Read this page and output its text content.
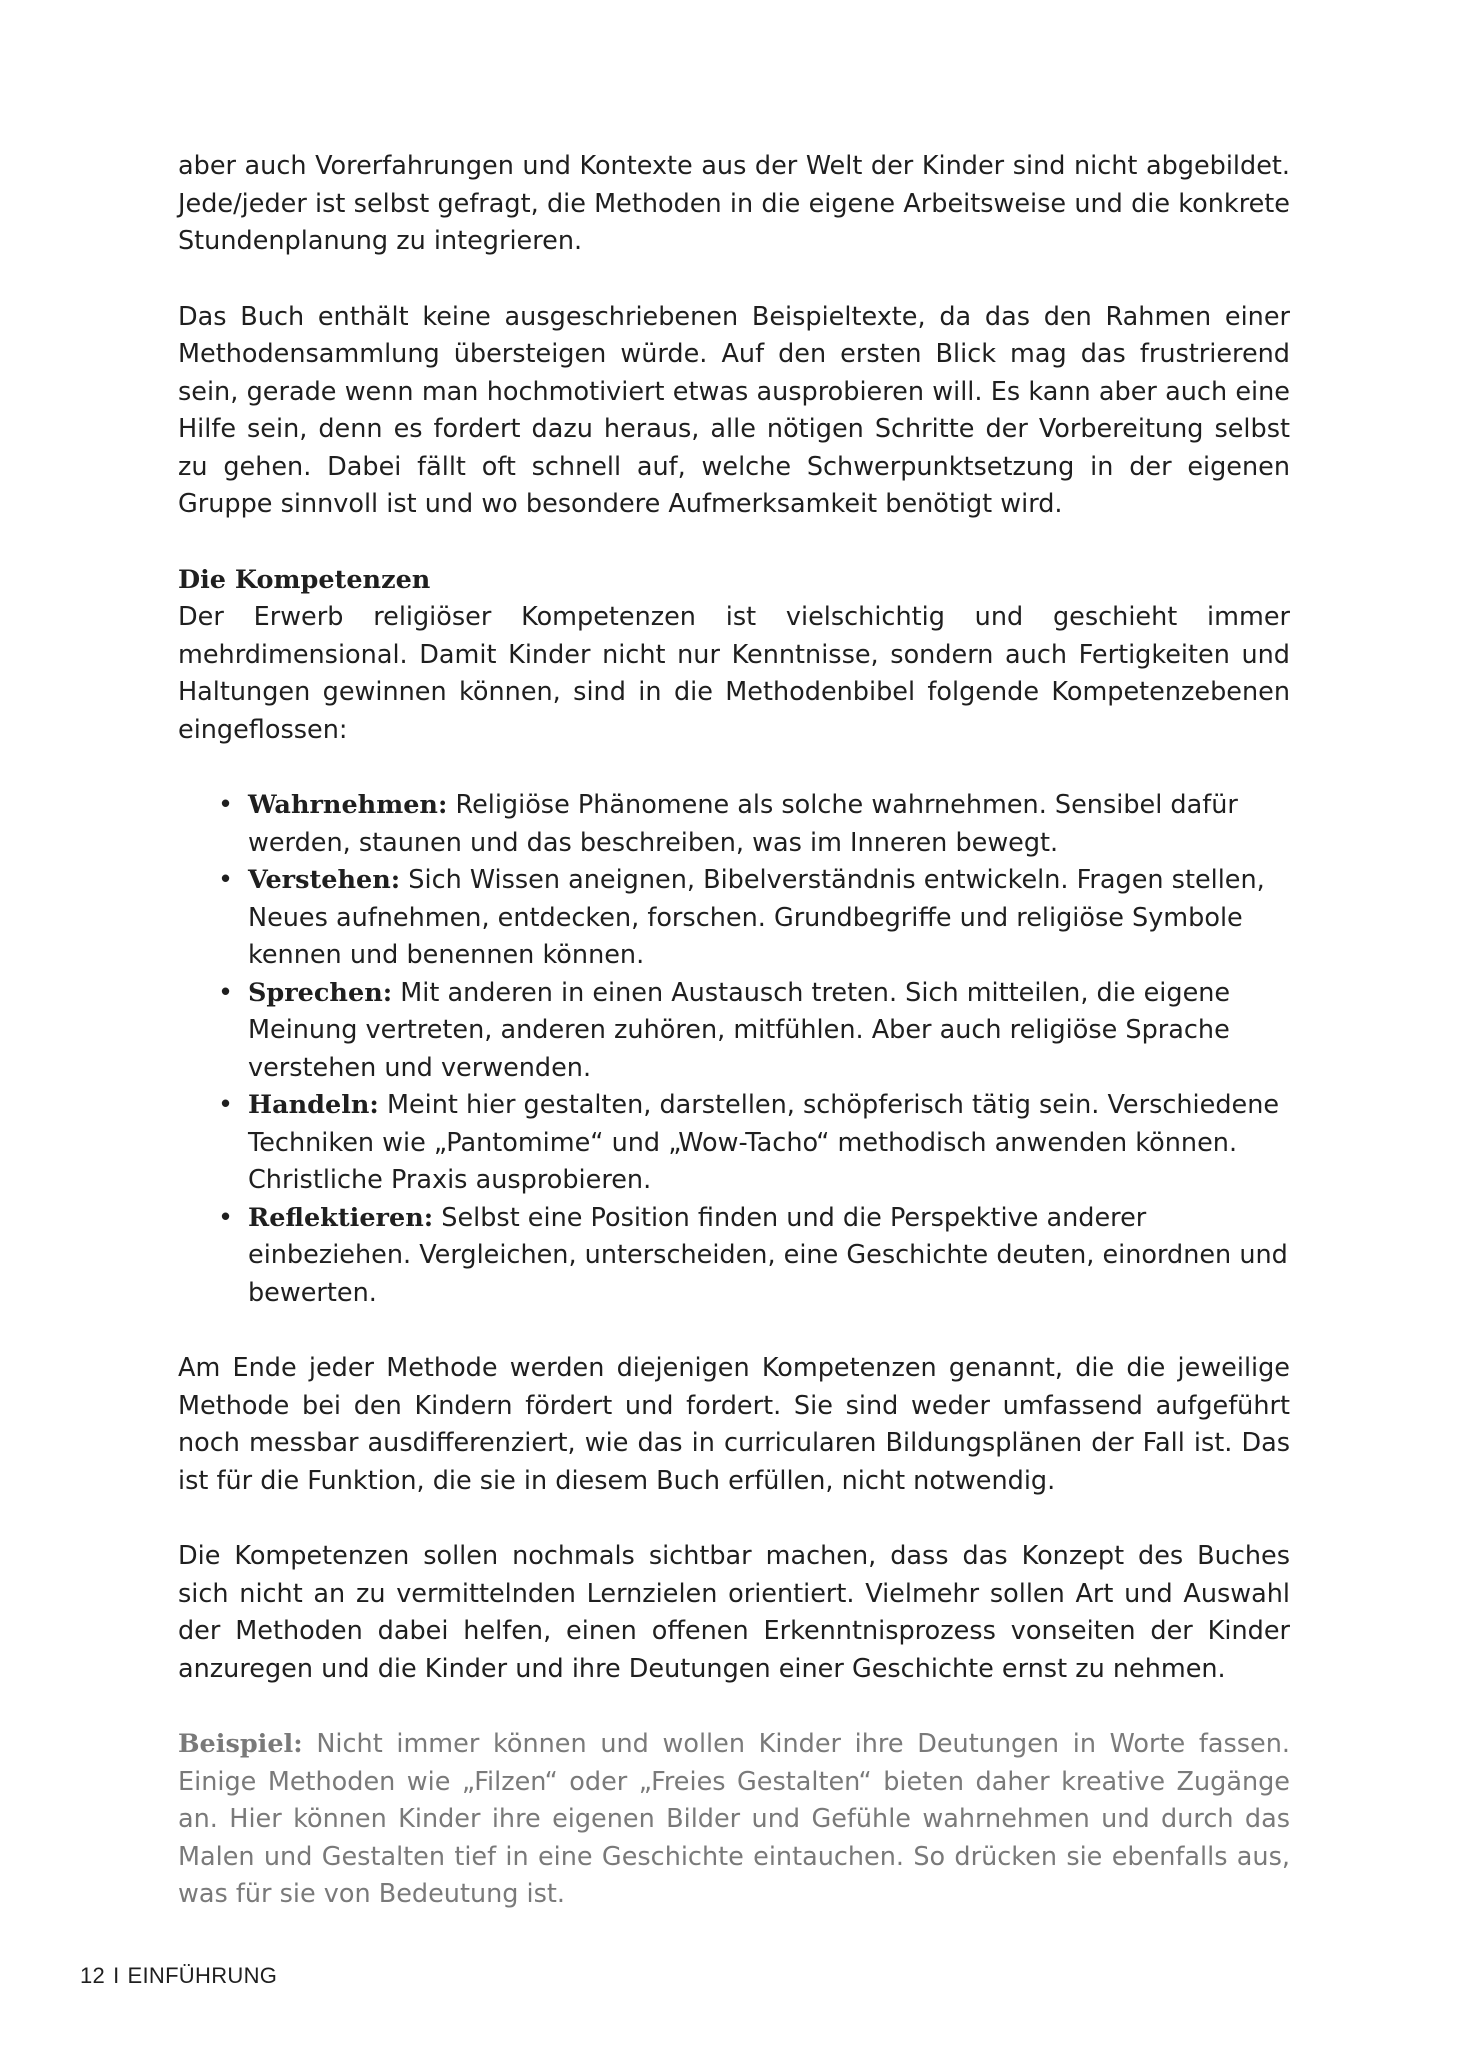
aber auch Vorerfahrungen und Kontexte aus der Welt der Kinder sind nicht abgebildet. Jede/jeder ist selbst gefragt, die Methoden in die eigene Arbeitsweise und die konkrete Stundenplanung zu integrieren.

Das Buch enthält keine ausgeschriebenen Beispieltexte, da das den Rahmen einer Methodensammlung übersteigen würde. Auf den ersten Blick mag das frustrierend sein, gerade wenn man hochmotiviert etwas ausprobieren will. Es kann aber auch eine Hilfe sein, denn es fordert dazu heraus, alle nötigen Schritte der Vorbereitung selbst zu gehen. Dabei fällt oft schnell auf, welche Schwerpunktsetzung in der eigenen Gruppe sinnvoll ist und wo besondere Aufmerksamkeit benötigt wird.

Die Kompetenzen

Der Erwerb religiöser Kompetenzen ist vielschichtig und geschieht immer mehrdimensional. Damit Kinder nicht nur Kenntnisse, sondern auch Fertigkeiten und Haltungen gewinnen können, sind in die Methodenbibel folgende Kompetenzebenen eingeflossen:

• Wahrnehmen: Religiöse Phänomene als solche wahrnehmen. Sensibel dafür werden, staunen und das beschreiben, was im Inneren bewegt.
• Verstehen: Sich Wissen aneignen, Bibelverständnis entwickeln. Fragen stellen, Neues aufnehmen, entdecken, forschen. Grundbegriffe und religiöse Symbole kennen und benennen können.
• Sprechen: Mit anderen in einen Austausch treten. Sich mitteilen, die eigene Meinung vertreten, anderen zuhören, mitfühlen. Aber auch religiöse Sprache verstehen und verwenden.
• Handeln: Meint hier gestalten, darstellen, schöpferisch tätig sein. Verschiedene Techniken wie „Pantomime“ und „Wow-Tacho“ methodisch anwenden können. Christliche Praxis ausprobieren.
• Reflektieren: Selbst eine Position finden und die Perspektive anderer einbeziehen. Vergleichen, unterscheiden, eine Geschichte deuten, einordnen und bewerten.

Am Ende jeder Methode werden diejenigen Kompetenzen genannt, die die jeweilige Methode bei den Kindern fördert und fordert. Sie sind weder umfassend aufgeführt noch messbar ausdifferenziert, wie das in curricularen Bildungsplänen der Fall ist. Das ist für die Funktion, die sie in diesem Buch erfüllen, nicht notwendig.

Die Kompetenzen sollen nochmals sichtbar machen, dass das Konzept des Buches sich nicht an zu vermittelnden Lernzielen orientiert. Vielmehr sollen Art und Auswahl der Methoden dabei helfen, einen offenen Erkenntnisprozess vonseiten der Kinder anzuregen und die Kinder und ihre Deutungen einer Geschichte ernst zu nehmen.

Beispiel: Nicht immer können und wollen Kinder ihre Deutungen in Worte fassen. Einige Methoden wie „Filzen“ oder „Freies Gestalten“ bieten daher kreative Zugänge an. Hier können Kinder ihre eigenen Bilder und Gefühle wahrnehmen und durch das Malen und Gestalten tief in eine Geschichte eintauchen. So drücken sie ebenfalls aus, was für sie von Bedeutung ist.

12 I EINFÜHRUNG
